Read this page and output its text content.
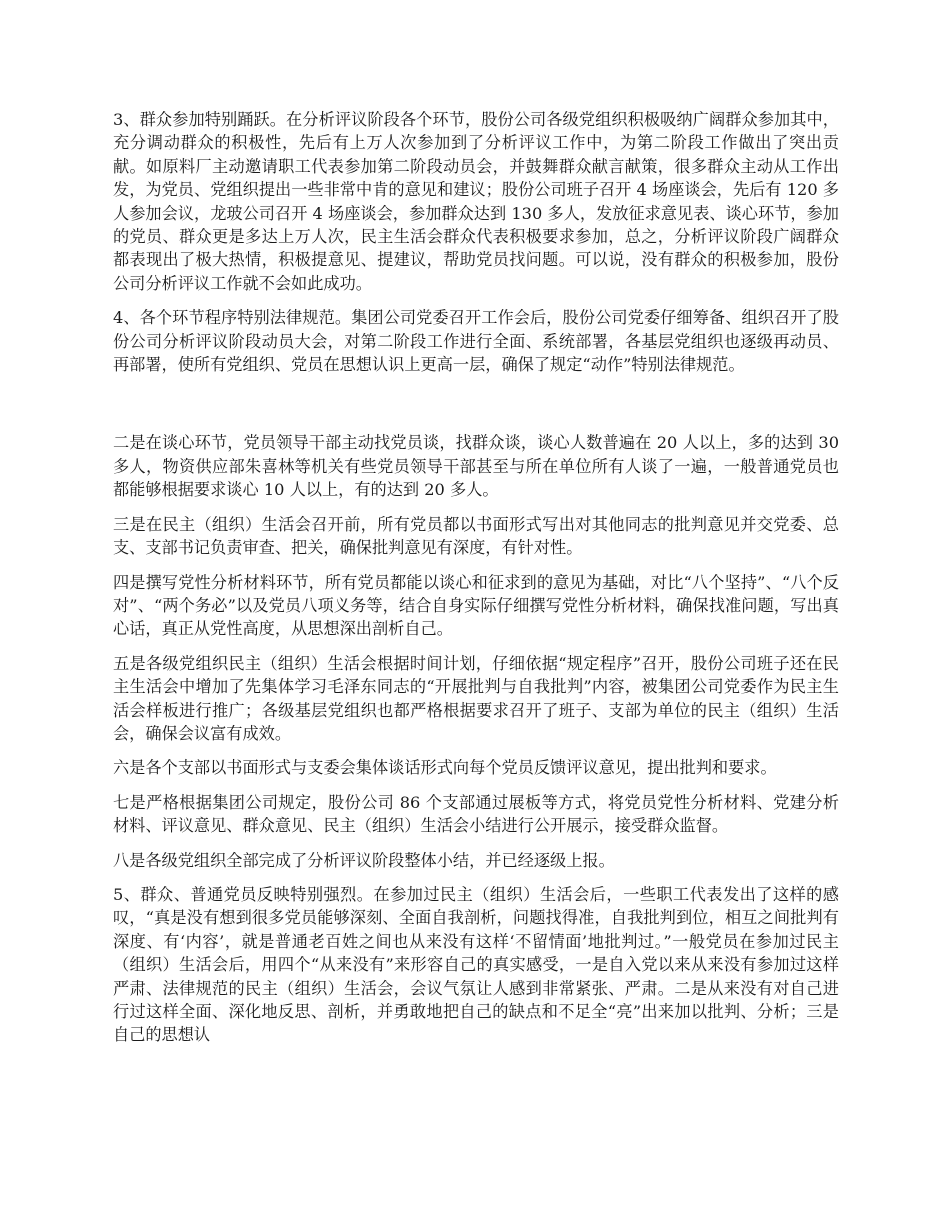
3、群众参加特别踊跃。在分析评议阶段各个环节，股份公司各级党组织积极吸纳广阔群众参加其中，充分调动群众的积极性，先后有上万人次参加到了分析评议工作中，为第二阶段工作做出了突出贡献。如原料厂主动邀请职工代表参加第二阶段动员会，并鼓舞群众献言献策，很多群众主动从工作出发，为党员、党组织提出一些非常中肯的意见和建议；股份公司班子召开 4 场座谈会，先后有 120 多人参加会议，龙玻公司召开 4 场座谈会，参加群众达到 130 多人，发放征求意见表、谈心环节，参加的党员、群众更是多达上万人次，民主生活会群众代表积极要求参加，总之，分析评议阶段广阔群众都表现出了极大热情，积极提意见、提建议，帮助党员找问题。可以说，没有群众的积极参加，股份公司分析评议工作就不会如此成功。

4、各个环节程序特别法律规范。集团公司党委召开工作会后，股份公司党委仔细筹备、组织召开了股份公司分析评议阶段动员大会，对第二阶段工作进行全面、系统部署，各基层党组织也逐级再动员、再部署，使所有党组织、党员在思想认识上更高一层，确保了规定“动作”特别法律规范。

二是在谈心环节，党员领导干部主动找党员谈，找群众谈，谈心人数普遍在 20 人以上，多的达到 30 多人，物资供应部朱喜林等机关有些党员领导干部甚至与所在单位所有人谈了一遍，一般普通党员也都能够根据要求谈心 10 人以上，有的达到 20 多人。

三是在民主（组织）生活会召开前，所有党员都以书面形式写出对其他同志的批判意见并交党委、总支、支部书记负责审查、把关，确保批判意见有深度，有针对性。

四是撰写党性分析材料环节，所有党员都能以谈心和征求到的意见为基础，对比“八个坚持”、“八个反对”、“两个务必”以及党员八项义务等，结合自身实际仔细撰写党性分析材料，确保找准问题，写出真心话，真正从党性高度，从思想深出剖析自己。

五是各级党组织民主（组织）生活会根据时间计划，仔细依据“规定程序”召开，股份公司班子还在民主生活会中增加了先集体学习毛泽东同志的“开展批判与自我批判”内容，被集团公司党委作为民主生活会样板进行推广；各级基层党组织也都严格根据要求召开了班子、支部为单位的民主（组织）生活会，确保会议富有成效。

六是各个支部以书面形式与支委会集体谈话形式向每个党员反馈评议意见，提出批判和要求。

七是严格根据集团公司规定，股份公司 86 个支部通过展板等方式，将党员党性分析材料、党建分析材料、评议意见、群众意见、民主（组织）生活会小结进行公开展示，接受群众监督。

八是各级党组织全部完成了分析评议阶段整体小结，并已经逐级上报。

5、群众、普通党员反映特别强烈。在参加过民主（组织）生活会后，一些职工代表发出了这样的感叹，“真是没有想到很多党员能够深刻、全面自我剖析，问题找得准，自我批判到位，相互之间批判有深度、有‘内容’，就是普通老百姓之间也从来没有这样‘不留情面’地批判过。”一般党员在参加过民主（组织）生活会后，用四个“从来没有”来形容自己的真实感受，一是自入党以来从来没有参加过这样严肃、法律规范的民主（组织）生活会，会议气氛让人感到非常紧张、严肃。二是从来没有对自己进行过这样全面、深化地反思、剖析，并勇敢地把自己的缺点和不足全“亮”出来加以批判、分析；三是自己的思想认
